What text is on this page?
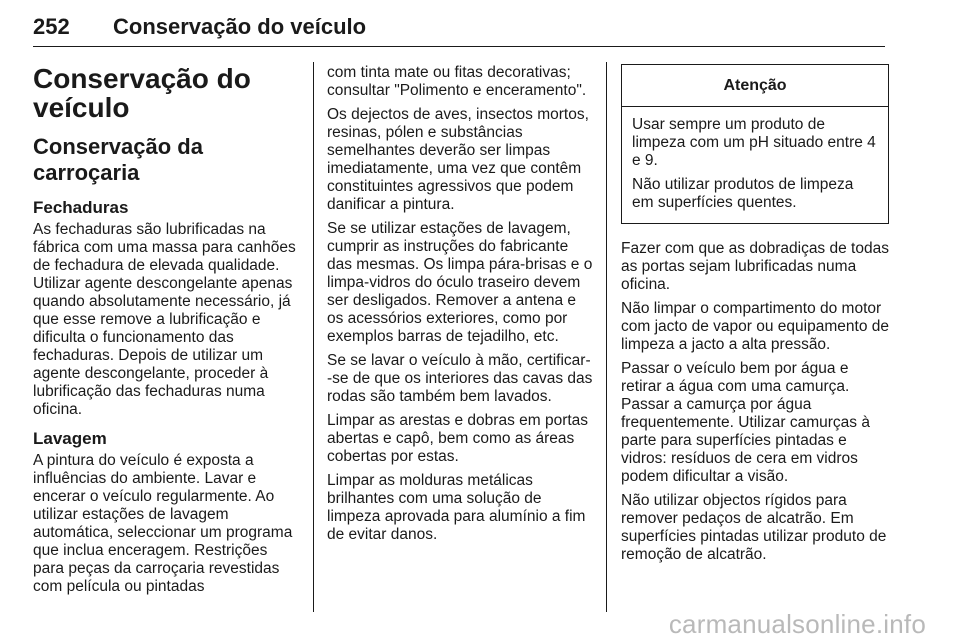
252 Conservação do veículo
Conservação do veículo
Conservação da carroçaria
Fechaduras

As fechaduras são lubrificadas na fábrica com uma massa para canhões de fechadura de elevada qualidade. Utilizar agente descongelante apenas quando absolutamente necessário, já que esse remove a lubrificação e dificulta o funcionamento das fechaduras. Depois de utilizar um agente descongelante, proceder à lubrificação das fechaduras numa oficina.

Lavagem

A pintura do veículo é exposta a influências do ambiente. Lavar e encerar o veículo regularmente. Ao utilizar estações de lavagem automática, seleccionar um programa que inclua enceragem. Restrições para peças da carroçaria revestidas com película ou pintadas

com tinta mate ou fitas decorativas; consultar "Polimento e enceramento".

Os dejectos de aves, insectos mortos, resinas, pólen e substâncias semelhantes deverão ser limpas imediatamente, uma vez que contêm constituintes agressivos que podem danificar a pintura.

Se se utilizar estações de lavagem, cumprir as instruções do fabricante das mesmas. Os limpa pára-brisas e o limpa-vidros do óculo traseiro devem ser desligados. Remover a antena e os acessórios exteriores, como por exemplos barras de tejadilho, etc.

Se se lavar o veículo à mão, certificar--se de que os interiores das cavas das rodas são também bem lavados.

Limpar as arestas e dobras em portas abertas e capô, bem como as áreas cobertas por estas.

Limpar as molduras metálicas brilhantes com uma solução de limpeza aprovada para alumínio a fim de evitar danos.

Atenção

Usar sempre um produto de limpeza com um pH situado entre 4 e 9.

Não utilizar produtos de limpeza em superfícies quentes.

Fazer com que as dobradiças de todas as portas sejam lubrificadas numa oficina.

Não limpar o compartimento do motor com jacto de vapor ou equipamento de limpeza a jacto a alta pressão.

Passar o veículo bem por água e retirar a água com uma camurça. Passar a camurça por água frequentemente. Utilizar camurças à parte para superfícies pintadas e vidros: resíduos de cera em vidros podem dificultar a visão.

Não utilizar objectos rígidos para remover pedaços de alcatrão. Em superfícies pintadas utilizar produto de remoção de alcatrão.

carmanualsonline.info
